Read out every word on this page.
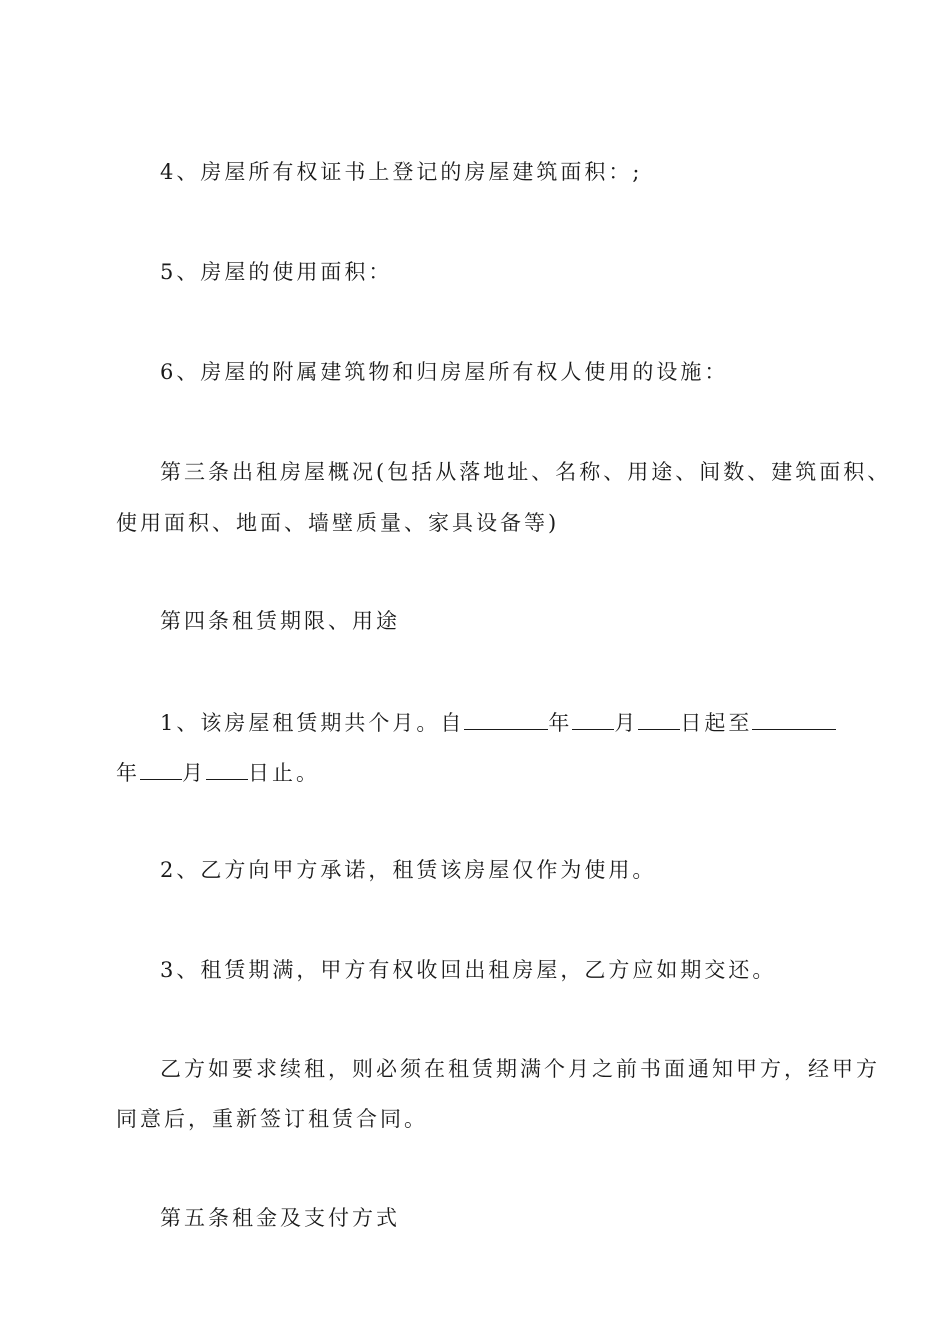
4、房屋所有权证书上登记的房屋建筑面积：;
5、房屋的使用面积：
6、房屋的附属建筑物和归房屋所有权人使用的设施：
第三条出租房屋概况(包括从落地址、名称、用途、间数、建筑面积、
使用面积、地面、墙壁质量、家具设备等)
第四条租赁期限、用途
1、该房屋租赁期共个月。自	年 月 日起至
年 月 日止。
2、乙方向甲方承诺，租赁该房屋仅作为使用。
3、租赁期满，甲方有权收回出租房屋，乙方应如期交还。
乙方如要求续租，则必须在租赁期满个月之前书面通知甲方，经甲方
同意后，重新签订租赁合同。
第五条租金及支付方式
